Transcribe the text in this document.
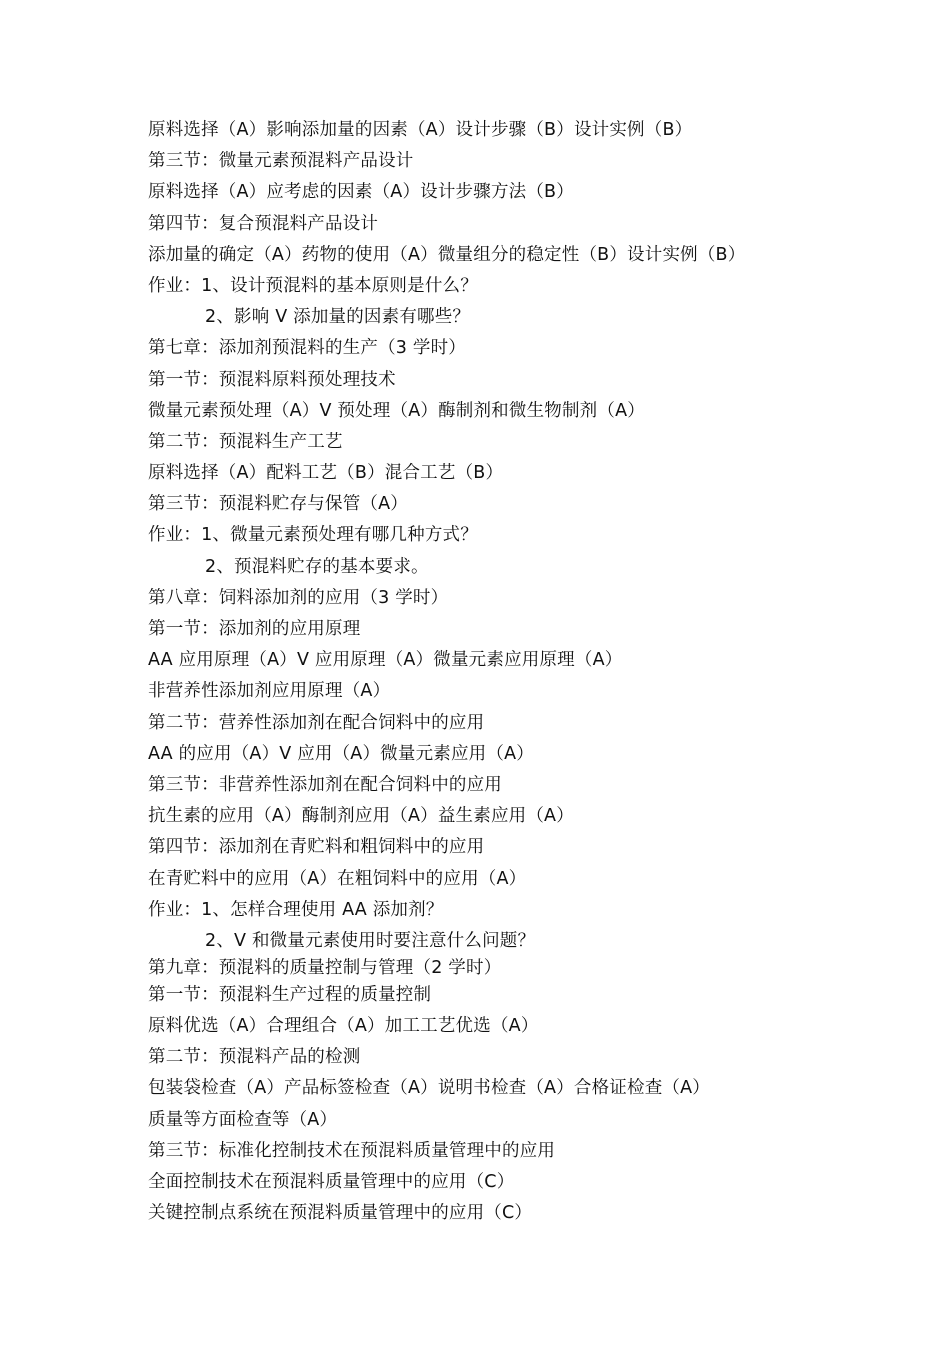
原料选择（A）影响添加量的因素（A）设计步骤（B）设计实例（B）
第三节：微量元素预混料产品设计
原料选择（A）应考虑的因素（A）设计步骤方法（B）
第四节：复合预混料产品设计
添加量的确定（A）药物的使用（A）微量组分的稳定性（B）设计实例（B）
作业：1、设计预混料的基本原则是什么？
2、影响 V 添加量的因素有哪些？
第七章：添加剂预混料的生产（3 学时）
第一节：预混料原料预处理技术
微量元素预处理（A）V 预处理（A）酶制剂和微生物制剂（A）
第二节：预混料生产工艺
原料选择（A）配料工艺（B）混合工艺（B）
第三节：预混料贮存与保管（A）
作业：1、微量元素预处理有哪几种方式？
2、预混料贮存的基本要求。
第八章：饲料添加剂的应用（3 学时）
第一节：添加剂的应用原理
AA 应用原理（A）V 应用原理（A）微量元素应用原理（A）
非营养性添加剂应用原理（A）
第二节：营养性添加剂在配合饲料中的应用
AA 的应用（A）V 应用（A）微量元素应用（A）
第三节：非营养性添加剂在配合饲料中的应用
抗生素的应用（A）酶制剂应用（A）益生素应用（A）
第四节：添加剂在青贮料和粗饲料中的应用
在青贮料中的应用（A）在粗饲料中的应用（A）
作业：1、怎样合理使用 AA 添加剂？
2、V 和微量元素使用时要注意什么问题？
第九章：预混料的质量控制与管理（2 学时）
第一节：预混料生产过程的质量控制
原料优选（A）合理组合（A）加工工艺优选（A）
第二节：预混料产品的检测
包装袋检查（A）产品标签检查（A）说明书检查（A）合格证检查（A）
质量等方面检查等（A）
第三节：标准化控制技术在预混料质量管理中的应用
全面控制技术在预混料质量管理中的应用（C）
关键控制点系统在预混料质量管理中的应用（C）
